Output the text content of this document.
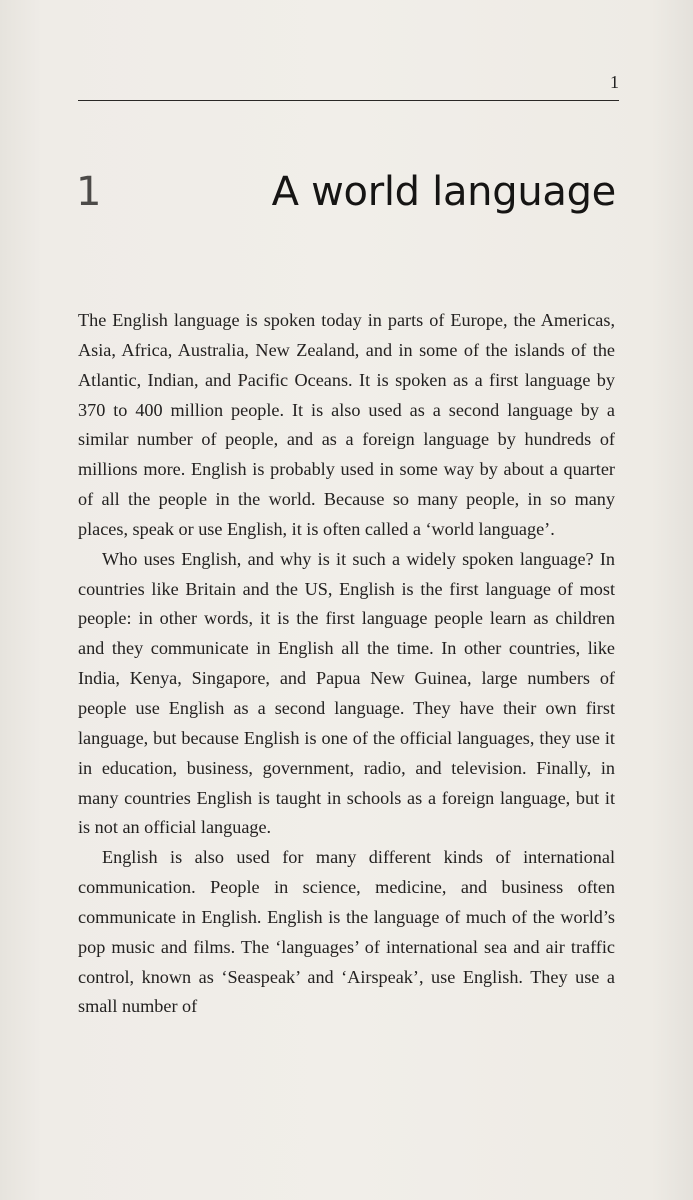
1
1	A world language

The English language is spoken today in parts of Europe, the Americas, Asia, Africa, Australia, New Zealand, and in some of the islands of the Atlantic, Indian, and Pacific Oceans. It is spoken as a first language by 370 to 400 million people. It is also used as a second language by a similar number of people, and as a foreign language by hundreds of millions more. English is probably used in some way by about a quarter of all the people in the world. Because so many people, in so many places, speak or use English, it is often called a ‘world language’.

Who uses English, and why is it such a widely spoken language? In countries like Britain and the US, English is the first language of most people: in other words, it is the first language people learn as children and they communicate in English all the time. In other countries, like India, Kenya, Singapore, and Papua New Guinea, large numbers of people use English as a second language. They have their own first language, but because English is one of the official languages, they use it in education, business, government, radio, and television. Finally, in many countries English is taught in schools as a foreign language, but it is not an official language.

English is also used for many different kinds of international communication. People in science, medicine, and business often communicate in English. English is the language of much of the world’s pop music and films. The ‘languages’ of international sea and air traffic control, known as ‘Seaspeak’ and ‘Airspeak’, use English. They use a small number of
